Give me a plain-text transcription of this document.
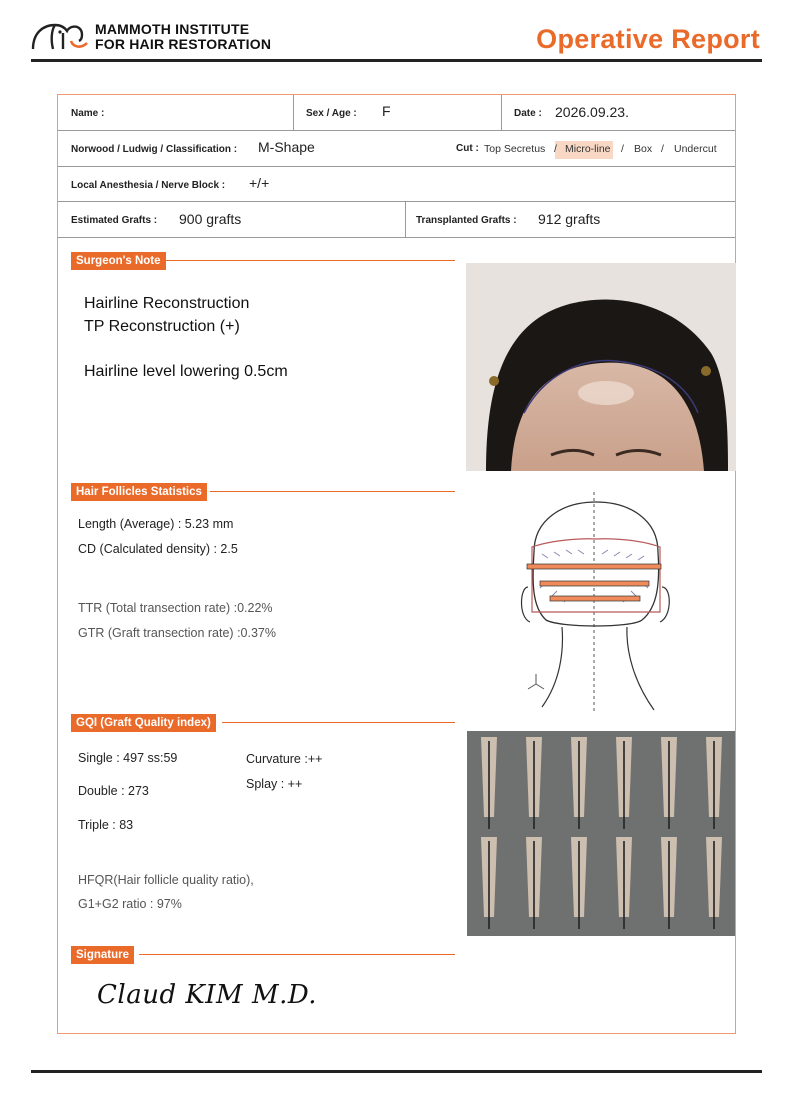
MAMMOTH INSTITUTE
FOR HAIR RESTORATION	Operative Report
Name :	Sex / Age : F	Date : 2026.09.23.
Norwood / Ludwig / Classification : M-Shape	Cut : Top Secretus / Micro-line / Box / Undercut
Local Anesthesia / Nerve Block : +/+
Estimated Grafts : 900 grafts	Transplanted Grafts : 912 grafts
Surgeon's Note
Hairline Reconstruction
TP Reconstruction (+)
Hairline level lowering 0.5cm
Hair Follicles Statistics
Length (Average) : 5.23 mm
CD (Calculated density) : 2.5
TTR (Total transection rate) :0.22%
GTR (Graft transection rate) :0.37%
GQI (Graft Quality index)
Single : 497 ss:59
Double : 273
Triple : 83
Curvature :++
Splay : ++
HFQR(Hair follicle quality ratio),
G1+G2 ratio : 97%
Signature
Claud KIM M.D.
